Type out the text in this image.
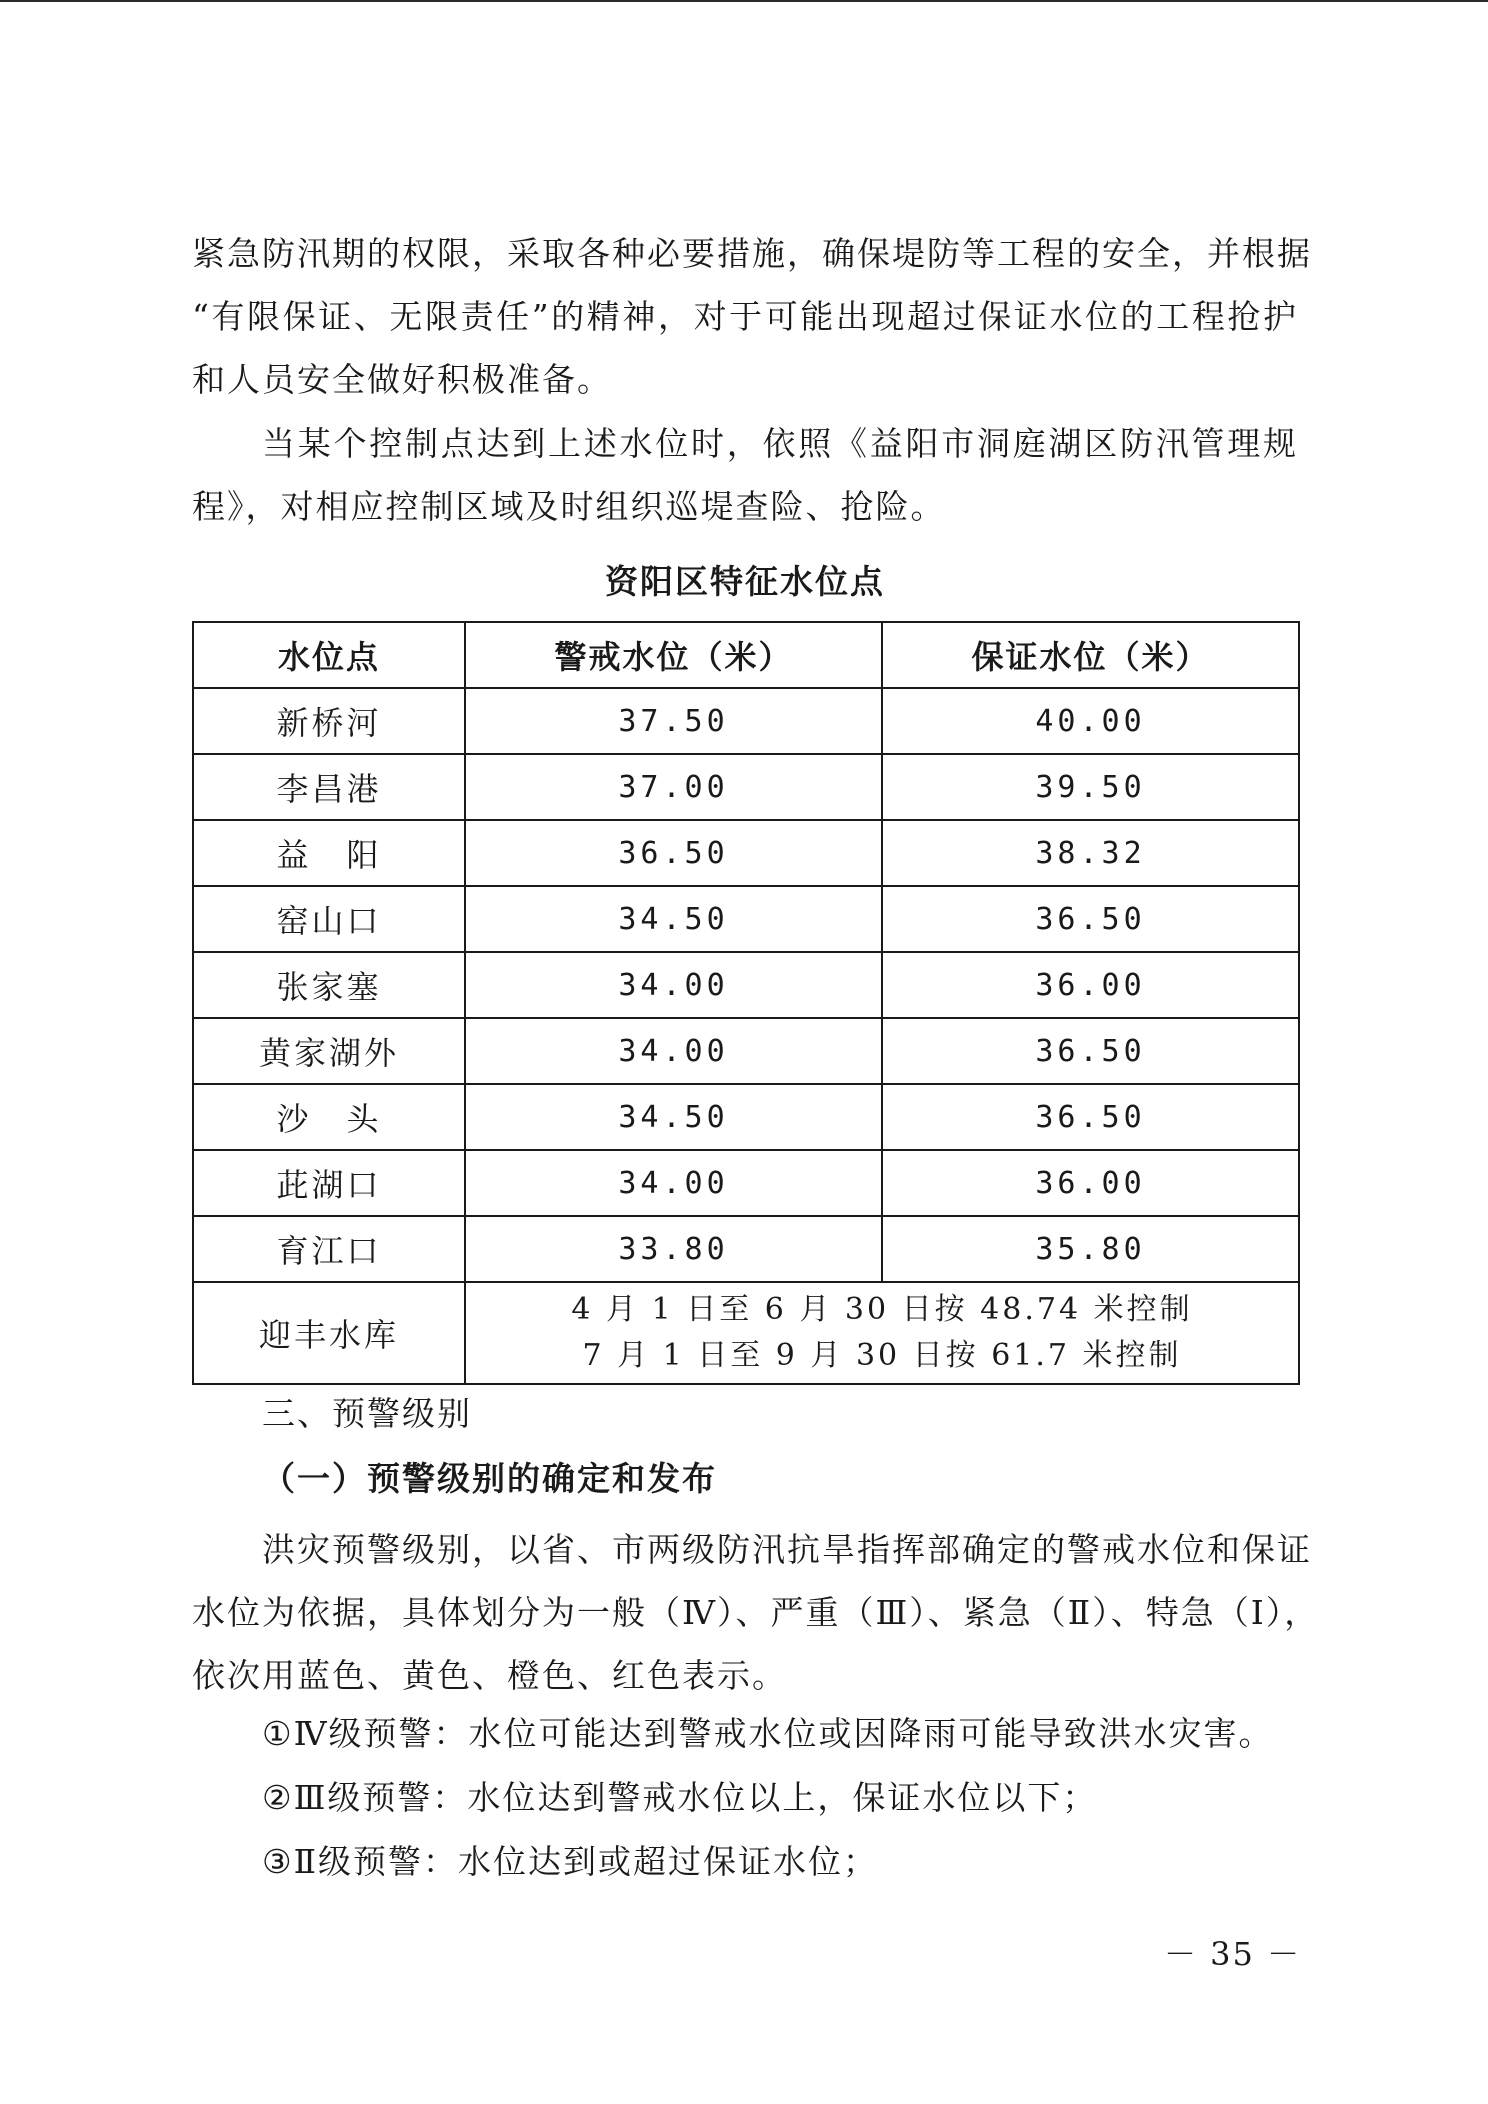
紧急防汛期的权限，采取各种必要措施，确保堤防等工程的安全，并根据
“有限保证、无限责任”的精神，对于可能出现超过保证水位的工程抢护
和人员安全做好积极准备。
当某个控制点达到上述水位时，依照《益阳市洞庭湖区防汛管理规
程》，对相应控制区域及时组织巡堤查险、抢险。

资阳区特征水位点

水位点	警戒水位（米）	保证水位（米）
新桥河	37.50	40.00
李昌港	37.00	39.50
益　阳	36.50	38.32
窑山口	34.50	36.50
张家塞	34.00	36.00
黄家湖外	34.00	36.50
沙　头	34.50	36.50
茈湖口	34.00	36.00
育江口	33.80	35.80
迎丰水库	4 月 1 日至 6 月 30 日按 48.74 米控制
7 月 1 日至 9 月 30 日按 61.7 米控制	

三、预警级别

（一）预警级别的确定和发布

洪灾预警级别，以省、市两级防汛抗旱指挥部确定的警戒水位和保证
水位为依据，具体划分为一般（Ⅳ）、严重（Ⅲ）、紧急（Ⅱ）、特急（Ⅰ），
依次用蓝色、黄色、橙色、红色表示。

①Ⅳ级预警：水位可能达到警戒水位或因降雨可能导致洪水灾害。

②Ⅲ级预警：水位达到警戒水位以上，保证水位以下；

③Ⅱ级预警：水位达到或超过保证水位；

－ 35 －
